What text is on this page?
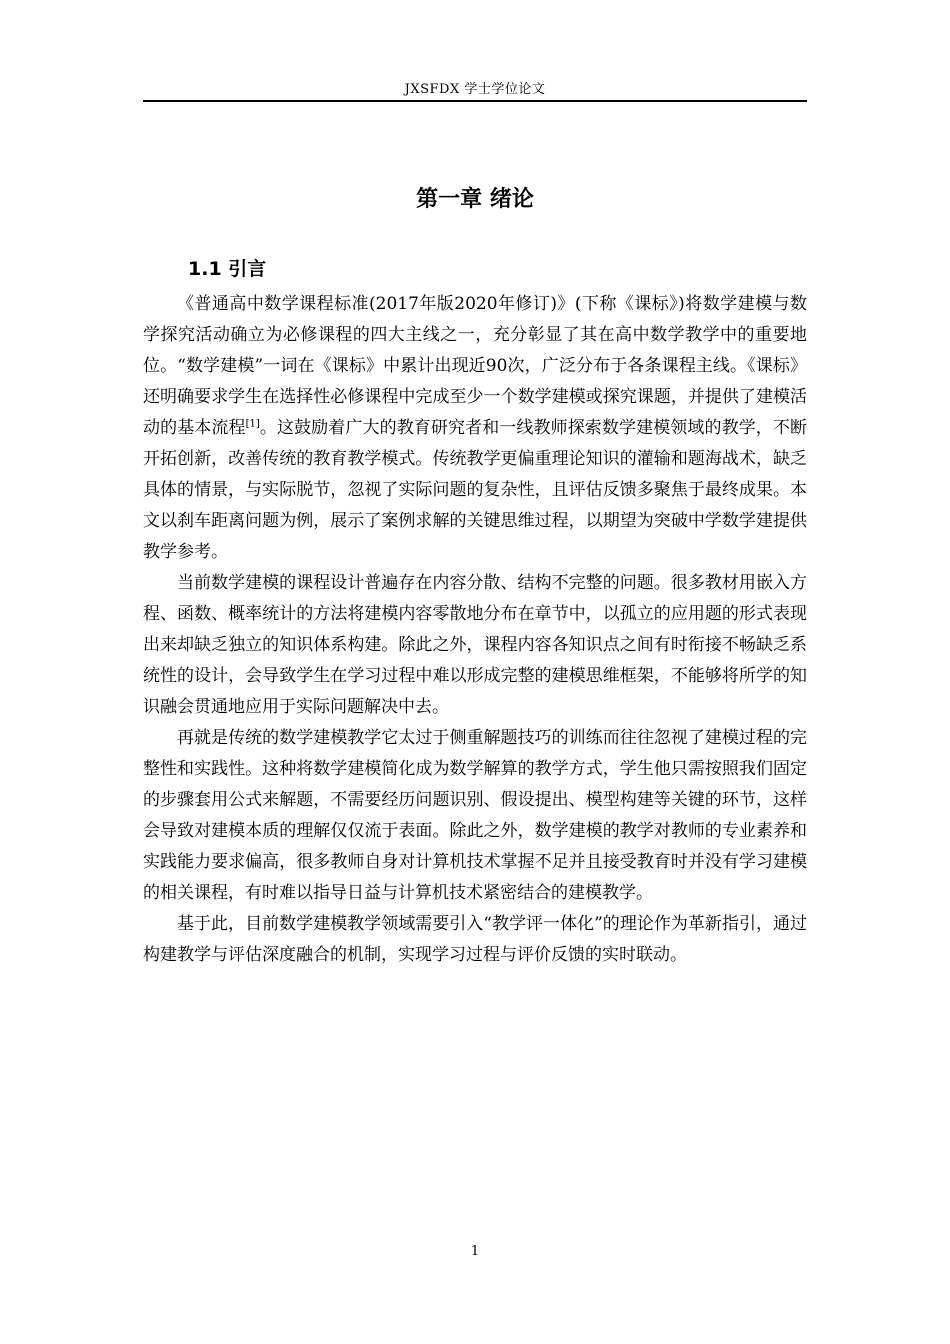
JXSFDX 学士学位论文
第一章 绪论
1.1 引言

《普通高中数学课程标准(2017年版2020年修订)》(下称《课标》)将数学建模与数学探究活动确立为必修课程的四大主线之一，充分彰显了其在高中数学教学中的重要地位。“数学建模”一词在《课标》中累计出现近90次，广泛分布于各条课程主线。《课标》还明确要求学生在选择性必修课程中完成至少一个数学建模或探究课题，并提供了建模活动的基本流程[1]。这鼓励着广大的教育研究者和一线教师探索数学建模领域的教学，不断开拓创新，改善传统的教育教学模式。传统教学更偏重理论知识的灌输和题海战术，缺乏具体的情景，与实际脱节，忽视了实际问题的复杂性，且评估反馈多聚焦于最终成果。本文以刹车距离问题为例，展示了案例求解的关键思维过程，以期望为突破中学数学建提供教学参考。

当前数学建模的课程设计普遍存在内容分散、结构不完整的问题。很多教材用嵌入方程、函数、概率统计的方法将建模内容零散地分布在章节中，以孤立的应用题的形式表现出来却缺乏独立的知识体系构建。除此之外，课程内容各知识点之间有时衔接不畅缺乏系统性的设计，会导致学生在学习过程中难以形成完整的建模思维框架，不能够将所学的知识融会贯通地应用于实际问题解决中去。

再就是传统的数学建模教学它太过于侧重解题技巧的训练而往往忽视了建模过程的完整性和实践性。这种将数学建模简化成为数学解算的教学方式，学生他只需按照我们固定的步骤套用公式来解题，不需要经历问题识别、假设提出、模型构建等关键的环节，这样会导致对建模本质的理解仅仅流于表面。除此之外，数学建模的教学对教师的专业素养和实践能力要求偏高，很多教师自身对计算机技术掌握不足并且接受教育时并没有学习建模的相关课程，有时难以指导日益与计算机技术紧密结合的建模教学。

基于此，目前数学建模教学领域需要引入“教学评一体化”的理论作为革新指引，通过构建教学与评估深度融合的机制，实现学习过程与评价反馈的实时联动。

1
